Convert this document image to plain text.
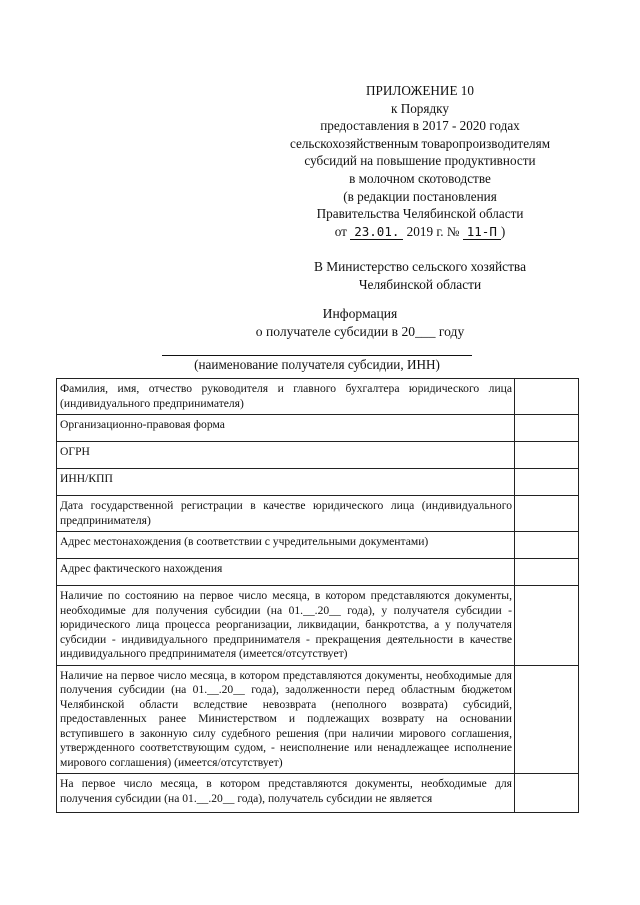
ПРИЛОЖЕНИЕ 10
к Порядку
предоставления в 2017 - 2020 годах
сельскохозяйственным товаропроизводителям
субсидий на повышение продуктивности
в молочном скотоводстве
(в редакции постановления
Правительства Челябинской области
от 23.01. 2019 г. № 11-П )
В Министерство сельского хозяйства
Челябинской области
Информация
о получателе субсидии в 20___ году
(наименование получателя субсидии, ИНН)
Фамилия, имя, отчество руководителя и главного бухгалтера юридического лица (индивидуального предпринимателя)	
Организационно-правовая форма	
ОГРН	
ИНН/КПП	
Дата государственной регистрации в качестве юридического лица (индивидуального предпринимателя)	
Адрес местонахождения (в соответствии с учредительными документами)	
Адрес фактического нахождения	
Наличие по состоянию на первое число месяца, в котором представляются документы, необходимые для получения субсидии (на 01.__.20__ года), у получателя субсидии - юридического лица процесса реорганизации, ликвидации, банкротства, а у получателя субсидии - индивидуального предпринимателя - прекращения деятельности в качестве индивидуального предпринимателя (имеется/отсутствует)	
Наличие на первое число месяца, в котором представляются документы, необходимые для получения субсидии (на 01.__.20__ года), задолженности перед областным бюджетом Челябинской области вследствие невозврата (неполного возврата) субсидий, предоставленных ранее Министерством и подлежащих возврату на основании вступившего в законную силу судебного решения (при наличии мирового соглашения, утвержденного соответствующим судом, - неисполнение или ненадлежащее исполнение мирового соглашения) (имеется/отсутствует)	

На первое число месяца, в котором представляются документы, необходимые для получения субсидии (на 01.__.20__ года), получатель субсидии не является	
